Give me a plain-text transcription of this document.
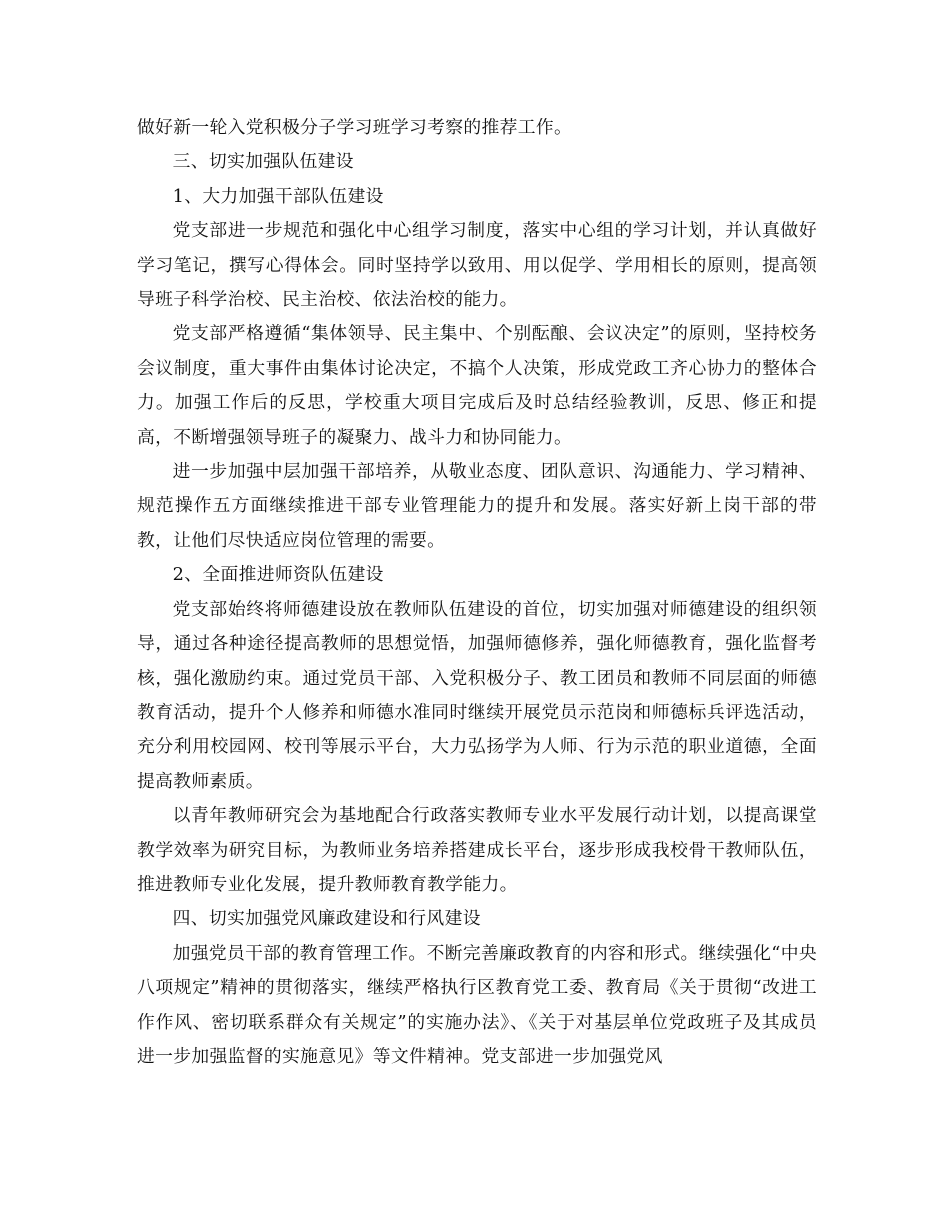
做好新一轮入党积极分子学习班学习考察的推荐工作。

三、切实加强队伍建设

1、大力加强干部队伍建设

党支部进一步规范和强化中心组学习制度，落实中心组的学习计划，并认真做好学习笔记，撰写心得体会。同时坚持学以致用、用以促学、学用相长的原则，提高领导班子科学治校、民主治校、依法治校的能力。

党支部严格遵循“集体领导、民主集中、个别酝酿、会议决定”的原则，坚持校务会议制度，重大事件由集体讨论决定，不搞个人决策，形成党政工齐心协力的整体合力。加强工作后的反思，学校重大项目完成后及时总结经验教训，反思、修正和提高，不断增强领导班子的凝聚力、战斗力和协同能力。

进一步加强中层加强干部培养，从敬业态度、团队意识、沟通能力、学习精神、规范操作五方面继续推进干部专业管理能力的提升和发展。落实好新上岗干部的带教，让他们尽快适应岗位管理的需要。

2、全面推进师资队伍建设

党支部始终将师德建设放在教师队伍建设的首位，切实加强对师德建设的组织领导，通过各种途径提高教师的思想觉悟，加强师德修养，强化师德教育，强化监督考核，强化激励约束。通过党员干部、入党积极分子、教工团员和教师不同层面的师德教育活动，提升个人修养和师德水准同时继续开展党员示范岗和师德标兵评选活动，充分利用校园网、校刊等展示平台，大力弘扬学为人师、行为示范的职业道德，全面提高教师素质。

以青年教师研究会为基地配合行政落实教师专业水平发展行动计划，以提高课堂教学效率为研究目标，为教师业务培养搭建成长平台，逐步形成我校骨干教师队伍，推进教师专业化发展，提升教师教育教学能力。

四、切实加强党风廉政建设和行风建设

加强党员干部的教育管理工作。不断完善廉政教育的内容和形式。继续强化“中央八项规定”精神的贯彻落实，继续严格执行区教育党工委、教育局《关于贯彻“改进工作作风、密切联系群众有关规定”的实施办法》、《关于对基层单位党政班子及其成员进一步加强监督的实施意见》等文件精神。党支部进一步加强党风
